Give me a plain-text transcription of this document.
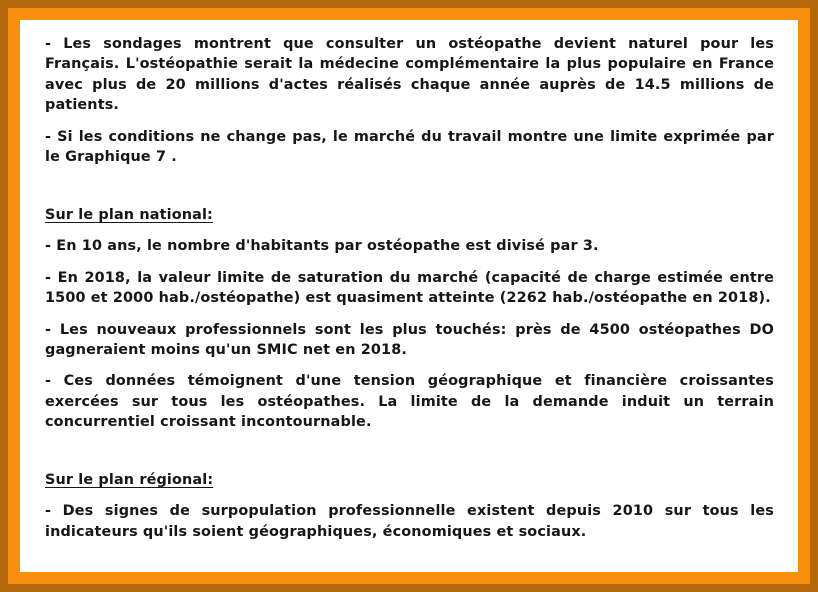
- Les sondages montrent que consulter un ostéopathe devient naturel pour les Français. L'ostéopathie serait la médecine complémentaire la plus populaire en France avec plus de 20 millions d'actes réalisés chaque année auprès de 14.5 millions de patients.

- Si les conditions ne change pas, le marché du travail montre une limite exprimée par le Graphique 7 .

Sur le plan national:

- En 10 ans, le nombre d'habitants par ostéopathe est divisé par 3.

- En 2018, la valeur limite de saturation du marché (capacité de charge estimée entre 1500 et 2000 hab./ostéopathe) est quasiment atteinte (2262 hab./ostéopathe en 2018).

- Les nouveaux professionnels sont les plus touchés: près de 4500 ostéopathes DO gagneraient moins qu'un SMIC net en 2018.

- Ces données témoignent d'une tension géographique et financière croissantes exercées sur tous les ostéopathes. La limite de la demande induit un terrain concurrentiel croissant incontournable.

Sur le plan régional:

- Des signes de surpopulation professionnelle existent depuis 2010 sur tous les indicateurs qu'ils soient géographiques, économiques et sociaux.
